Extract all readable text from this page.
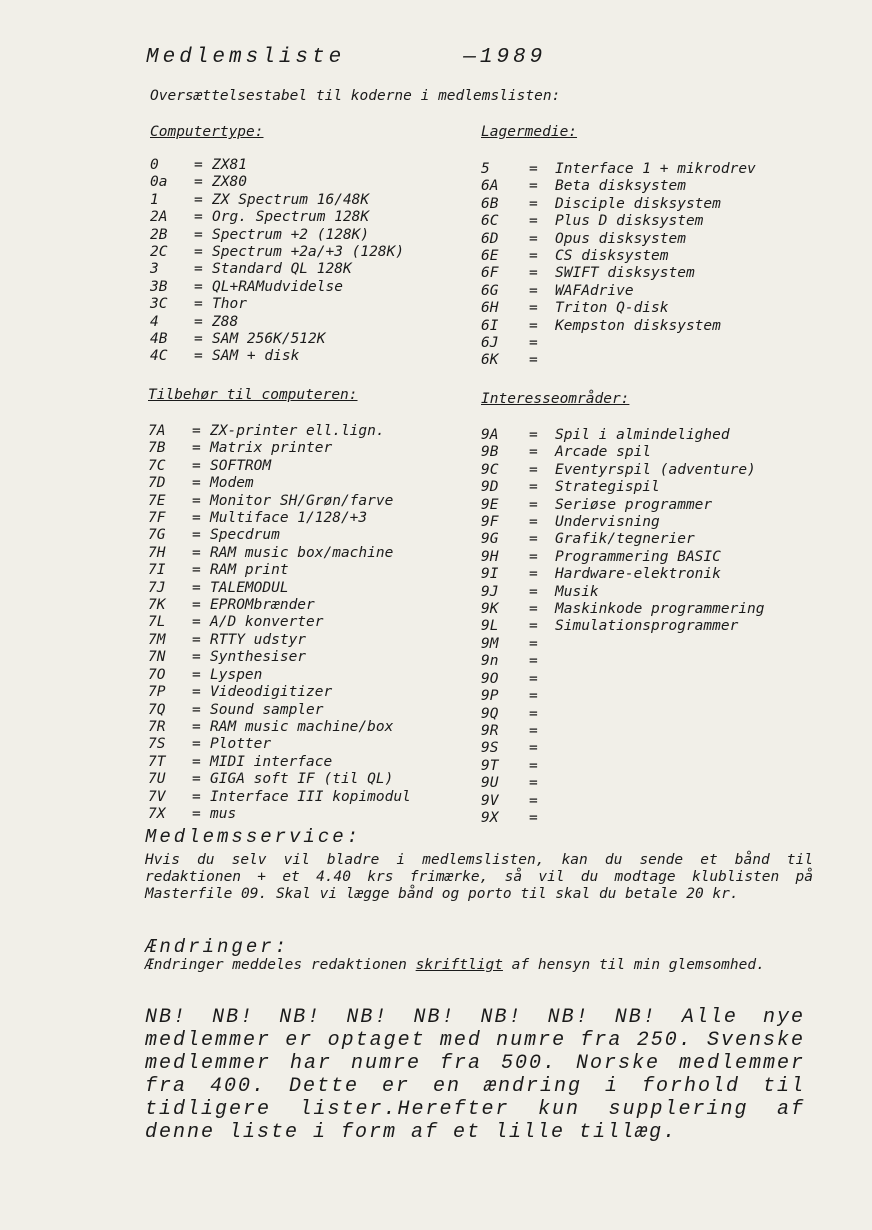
Medlemsliste	—1989
Oversættelsestabel til koderne i medlemslisten:
Computertype:
0	= ZX81
0a	= ZX80
1	= ZX Spectrum 16/48K
2A	= Org. Spectrum 128K
2B	= Spectrum +2 (128K)
2C	= Spectrum +2a/+3 (128K)
3	= Standard QL 128K
3B	= QL+RAMudvidelse
3C	= Thor
4	= Z88
4B	= SAM 256K/512K
4C	= SAM + disk
Lagermedie:
5	=	Interface 1 + mikrodrev
6A	=	Beta disksystem
6B	=	Disciple disksystem
6C	=	Plus D disksystem
6D	=	Opus disksystem
6E	=	CS disksystem
6F	=	SWIFT disksystem
6G	=	WAFAdrive
6H	=	Triton Q-disk
6I	=	Kempston disksystem
6J	=
6K	=
Tilbehør til computeren:
7A	= ZX-printer ell.lign.
7B	= Matrix printer
7C	= SOFTROM
7D	= Modem
7E	= Monitor SH/Grøn/farve
7F	= Multiface 1/128/+3
7G	= Specdrum
7H	= RAM music box/machine
7I	= RAM print
7J	= TALEMODUL
7K	= EPROMbrænder
7L	= A/D konverter
7M	= RTTY udstyr
7N	= Synthesiser
7O	= Lyspen
7P	= Videodigitizer
7Q	= Sound sampler
7R	= RAM music machine/box
7S	= Plotter
7T	= MIDI interface
7U	= GIGA soft IF (til QL)
7V	= Interface III kopimodul
7X	= mus
Interesseområder:
9A	=	Spil i almindelighed
9B	=	Arcade spil
9C	=	Eventyrspil (adventure)
9D	=	Strategispil
9E	=	Seriøse programmer
9F	=	Undervisning
9G	=	Grafik/tegnerier
9H	=	Programmering BASIC
9I	=	Hardware-elektronik
9J	=	Musik
9K	=	Maskinkode programmering
9L	=	Simulationsprogrammer
9M	=
9n	=
9O	=
9P	=
9Q	=
9R	=
9S	=
9T	=
9U	=
9V	=
9X	=
Medlemsservice:
Hvis du selv vil bladre i medlemslisten, kan du sende et bånd til redaktionen + et 4.40 krs frimærke, så vil du modtage klublisten på Masterfile 09. Skal vi lægge bånd og porto til skal du betale 20 kr.
Ændringer:
Ændringer meddeles redaktionen skriftligt af hensyn til min glemsomhed.
NB! NB! NB! NB! NB! NB! NB! NB! Alle nye medlemmer er optaget med numre fra 250. Svenske medlemmer har numre fra 500. Norske medlemmer fra 400. Dette er en ændring i forhold til tidligere lister.Herefter kun supplering af denne liste i form af et lille tillæg.
